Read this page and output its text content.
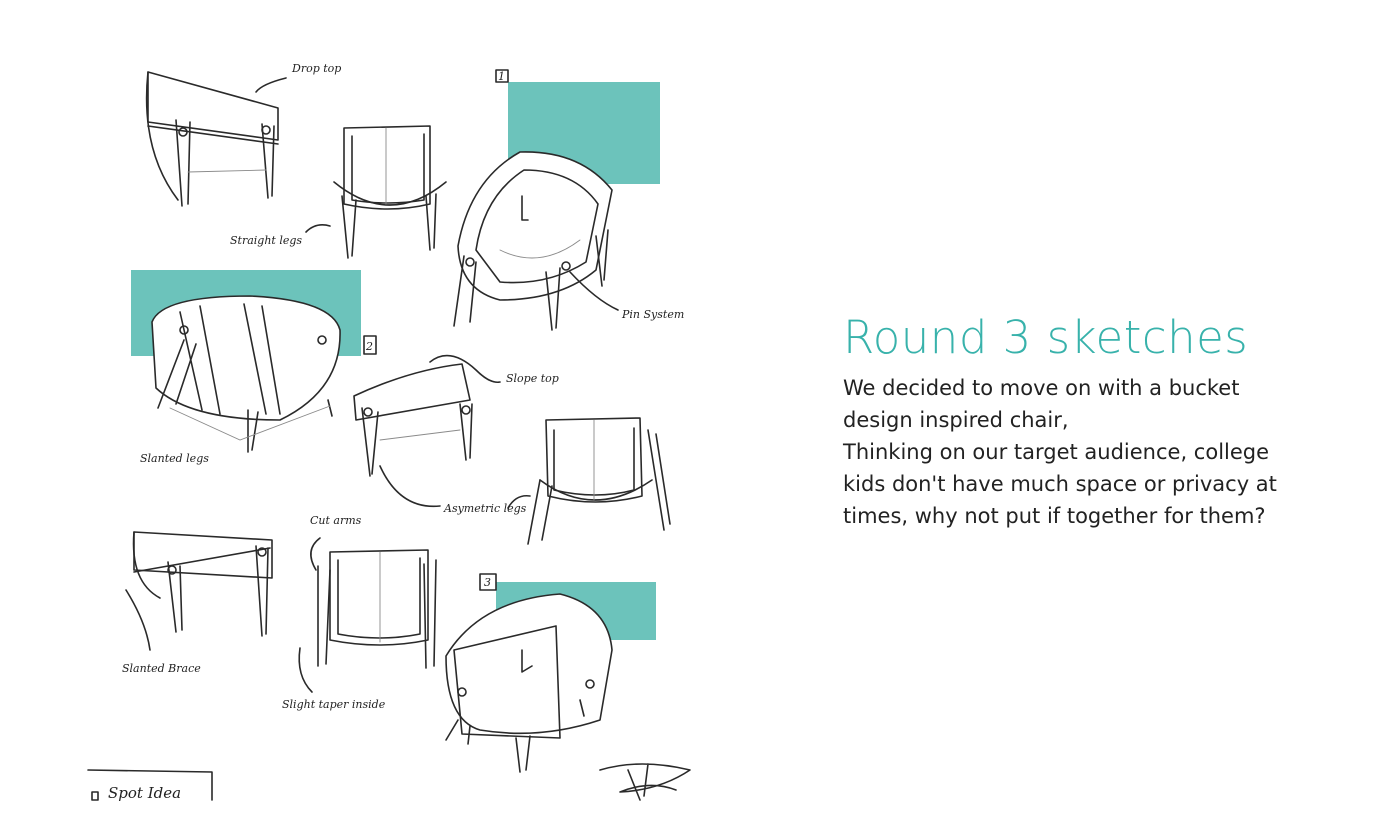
1
2
3
Drop top
Straight legs
Pin System
Slope top
Slanted legs
Asymetric legs
Cut arms
Slanted Brace
Slight taper inside
Spot Idea
Round 3 sketches

We decided to move on with a bucket

design inspired chair,

Thinking on our target audience, college

kids don't have much space or privacy at

times, why not put if together for them?
